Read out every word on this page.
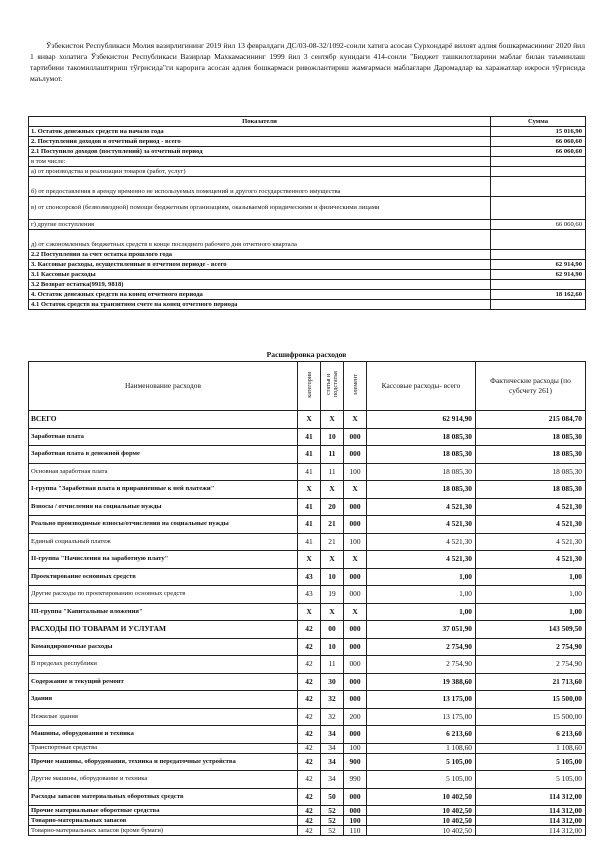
Ўзбекистон Республикаси Молия вазирлигининг 2019 йил 13 февралдаги ДС/03-08-32/1092-сонли хатига асосан Сурхондарё вилоят адлия бошкармасининг 2020 йил 1 январ холатига Ўзбекистон Республикаси Вазирлар Махкамасининг 1999 йил 3 сентябр кунидаги 414-сонли "Бюджет ташкилотларини маблағ билан таъминлаш тартибини такомиллаштириш тўғрисида"ги карорига асосан адлия бошкармаси ривожлантириш жамғармаси маблағлари Даромадлар ва харажатлар ижроси тўғрисида маълумот.
Показатели	Сумма
1. Остаток денежных средств на начало года	15 016,90
2. Поступления доходов в отчетный период - всего	66 060,60
2.1 Поступило доходов (поступлений) за отчетный период	66 060,60
в том числе:	
а) от производства и реализации товаров (работ, услуг)	
б) от предоставления в аренду временно не используемых помещений и другого государственного имущества	
в) от спонсорской (безвозмездной) помощи бюджетным организациям, оказываемой юридическими и физическими лицами	
г) другие поступления	66 060,60
д) от сэкономленных бюджетных средств в конце последнего рабочего дня отчетного квартала	
2.2 Поступления за счет остатка прошлого года	
3. Кассовые расходы, осуществленные в отчетном периоде - всего	62 914,90
3.1 Кассовые расходы	62 914,90
3.2 Возврат остатка(9919, 9818)	
4. Остаток денежных средств на конец отчетного периода	18 162,60
4.1 Остаток средств на транзитном счете на конец отчетного периода	
Расшифровка расходов
Наименование расходов	категория	статья и подстатья	элемент	Кассовые расходы- всего	Фактические расходы (по субсчету 261)
ВСЕГО	X	X	X	62 914,90	215 084,70
Заработная плата	41	10	000	18 085,30	18 085,30
Заработная плата в денежной форме	41	11	000	18 085,30	18 085,30
Основная заработная плата	41	11	100	18 085,30	18 085,30
I-группа "Заработная плата и приравненные к ней платежи"	X	X	X	18 085,30	18 085,30
Взносы / отчисления на социальные нужды	41	20	000	4 521,30	4 521,30
Реально производимые взносы/отчисления на социальные нужды	41	21	000	4 521,30	4 521,30
Единый социальный платеж	41	21	100	4 521,30	4 521,30
II-группа "Начисления на заработную плату"	X	X	X	4 521,30	4 521,30
Проектирование основных средств	43	10	000	1,00	1,00
Другие расходы по проектированию основных средств	43	19	000	1,00	1,00
III-группа "Капитальные вложения"	X	X	X	1,00	1,00
РАСХОДЫ ПО ТОВАРАМ И УСЛУГАМ	42	00	000	37 051,90	143 509,50
Командировочные расходы	42	10	000	2 754,90	2 754,90
В пределах республики	42	11	000	2 754,90	2 754,90
Содержание и текущий ремонт	42	30	000	19 388,60	21 713,60
Здания	42	32	000	13 175,00	15 500,00
Нежилые здания	42	32	200	13 175,00	15 500,00
Машины, оборудования и техника	42	34	000	6 213,60	6 213,60
Транспортные средства	42	34	100	1 108,60	1 108,60
Прочие машины, оборудования, техника и передаточные устройства	42	34	900	5 105,00	5 105,00
Другие машины, оборудование и техника	42	34	990	5 105,00	5 105,00
Расходы запасов материальных оборотных средств	42	50	000	10 402,50	114 312,00
Прочие материальные оборотные средства	42	52	000	10 402,50	114 312,00
Товарно-материальных запасов	42	52	100	10 402,50	114 312,00
Товарно-материальных запасов (кроме бумаги)	42	52	110	10 402,50	114 312,00
